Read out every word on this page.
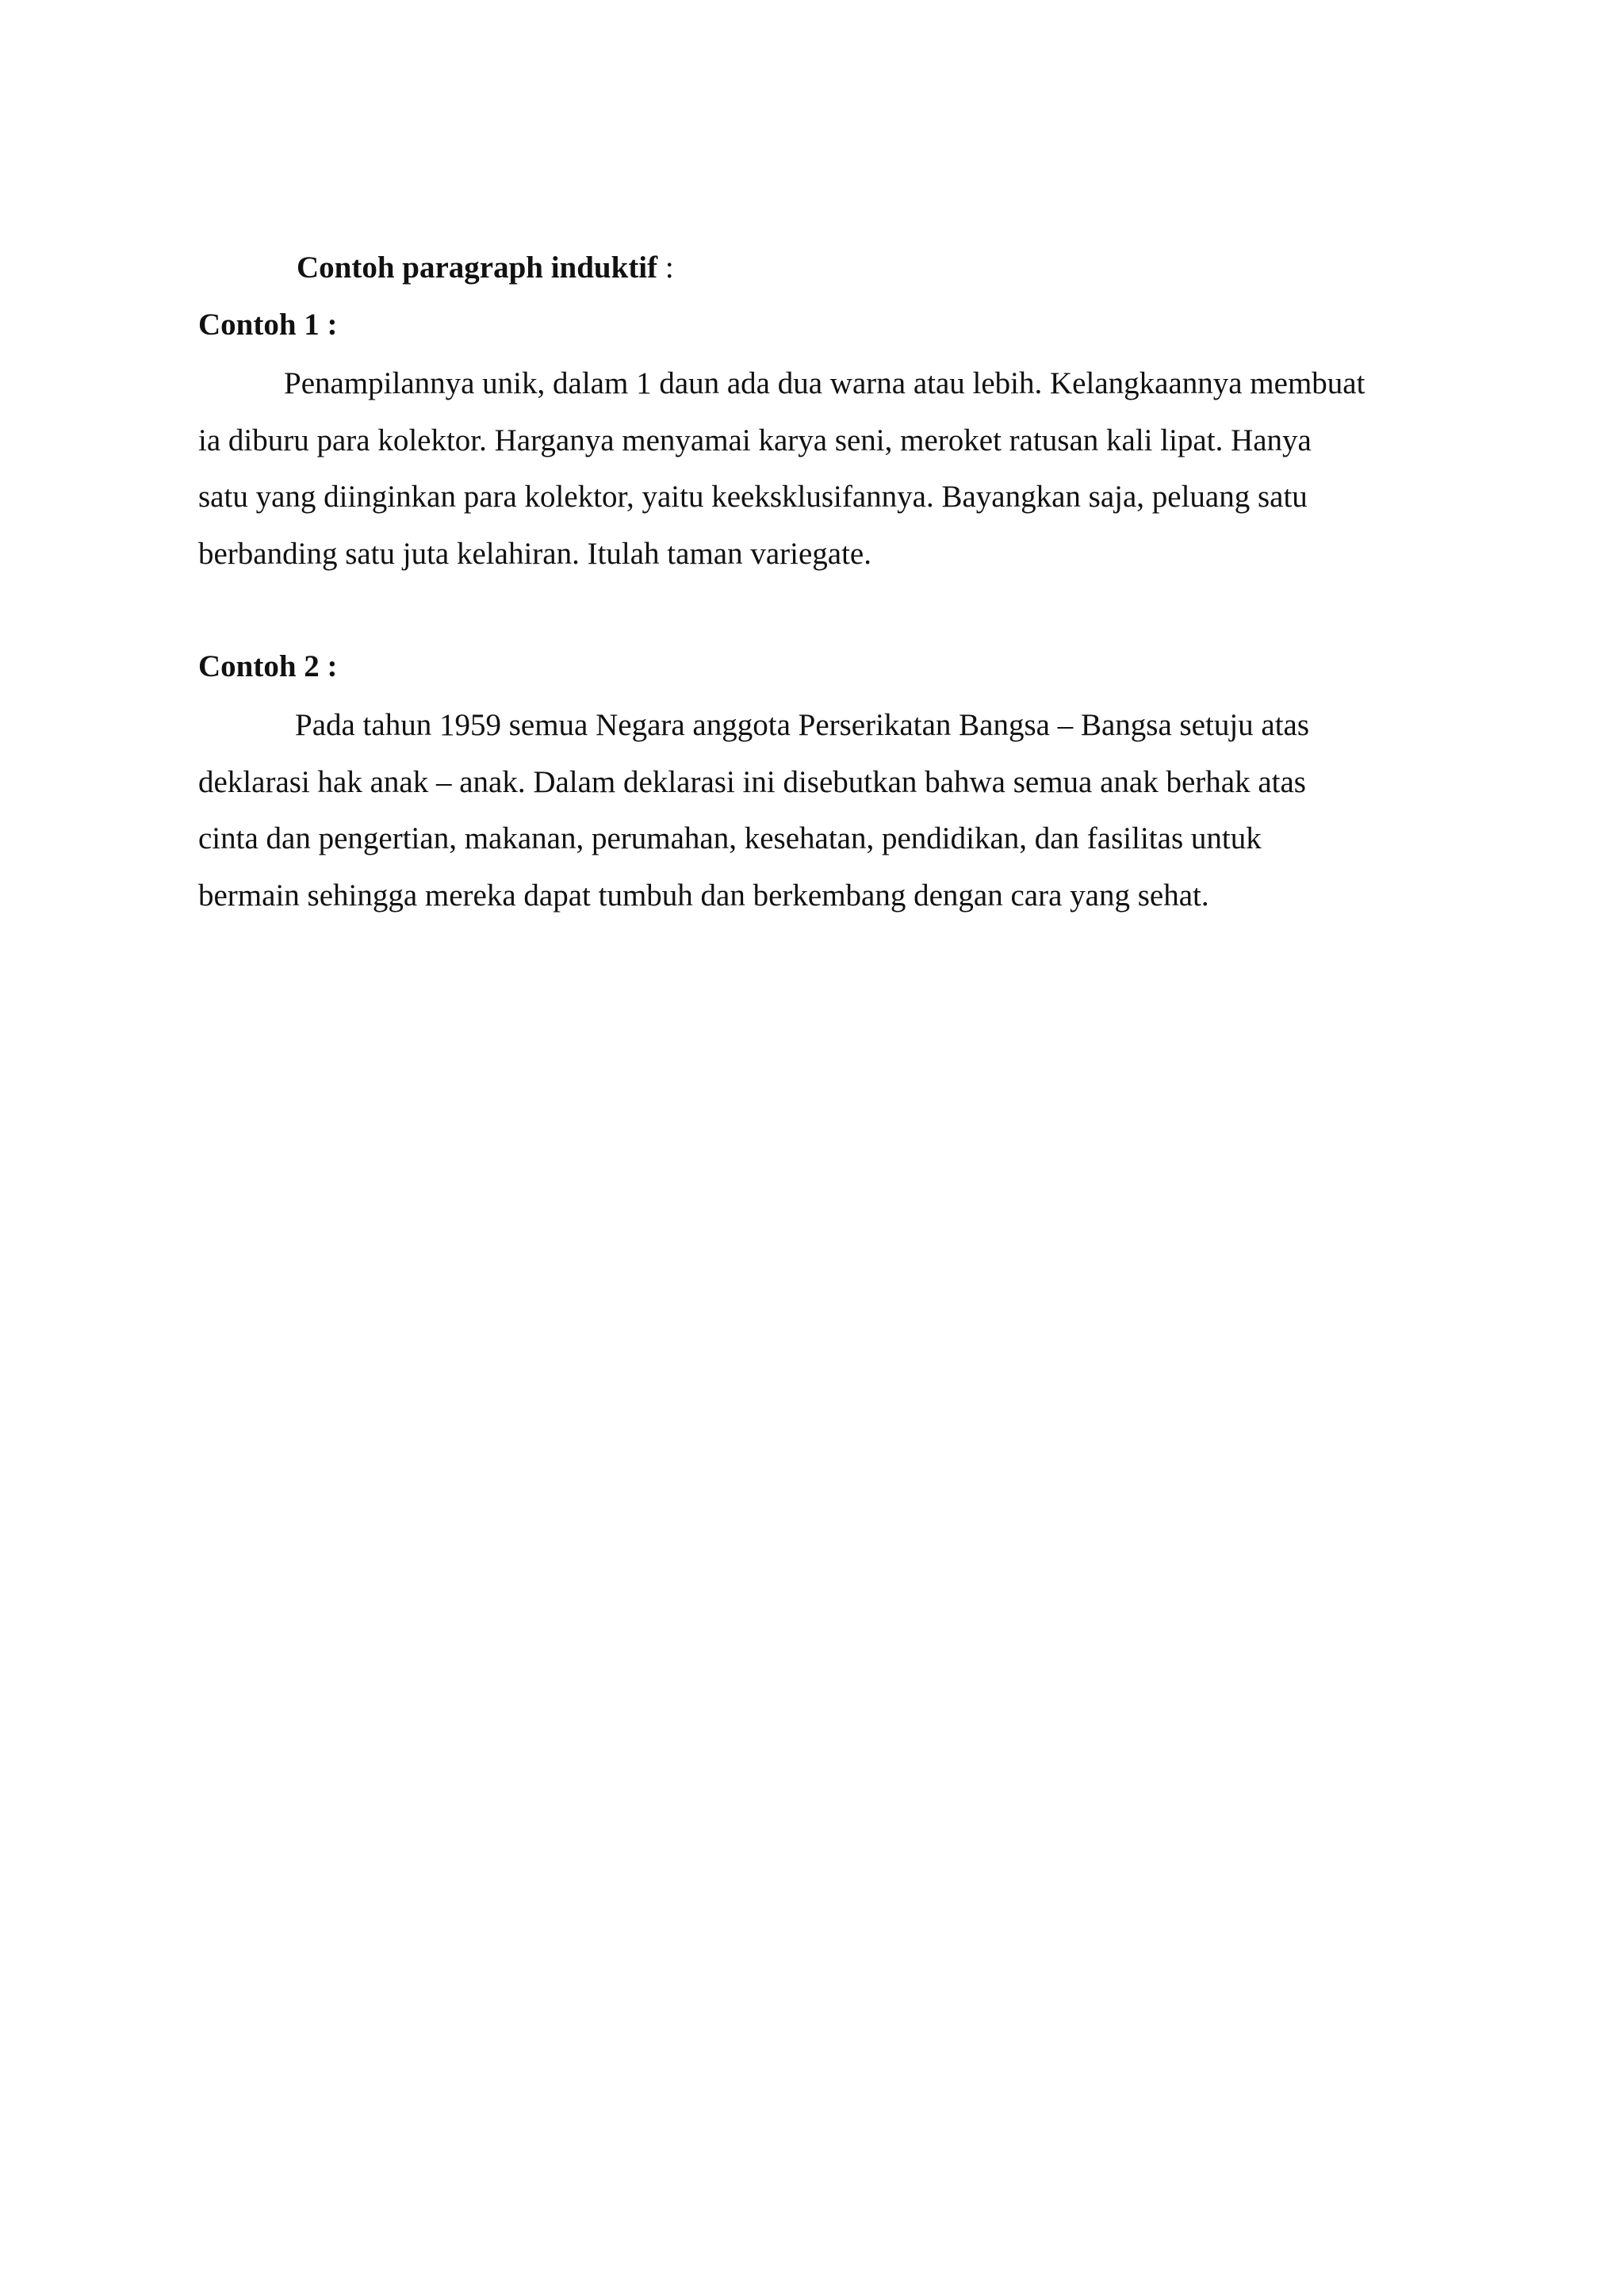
Contoh paragraph induktif :
Contoh 1 :
Penampilannya unik, dalam 1 daun ada dua warna atau lebih. Kelangkaannya membuat
ia diburu para kolektor. Harganya menyamai karya seni, meroket ratusan kali lipat. Hanya
satu yang diinginkan para kolektor, yaitu keeksklusifannya. Bayangkan saja, peluang satu
berbanding satu juta kelahiran. Itulah taman variegate.
Contoh 2 :
Pada tahun 1959 semua Negara anggota Perserikatan Bangsa – Bangsa setuju atas
deklarasi hak anak – anak. Dalam deklarasi ini disebutkan bahwa semua anak berhak atas
cinta dan pengertian, makanan, perumahan, kesehatan, pendidikan, dan fasilitas untuk
bermain sehingga mereka dapat tumbuh dan berkembang dengan cara yang sehat.
